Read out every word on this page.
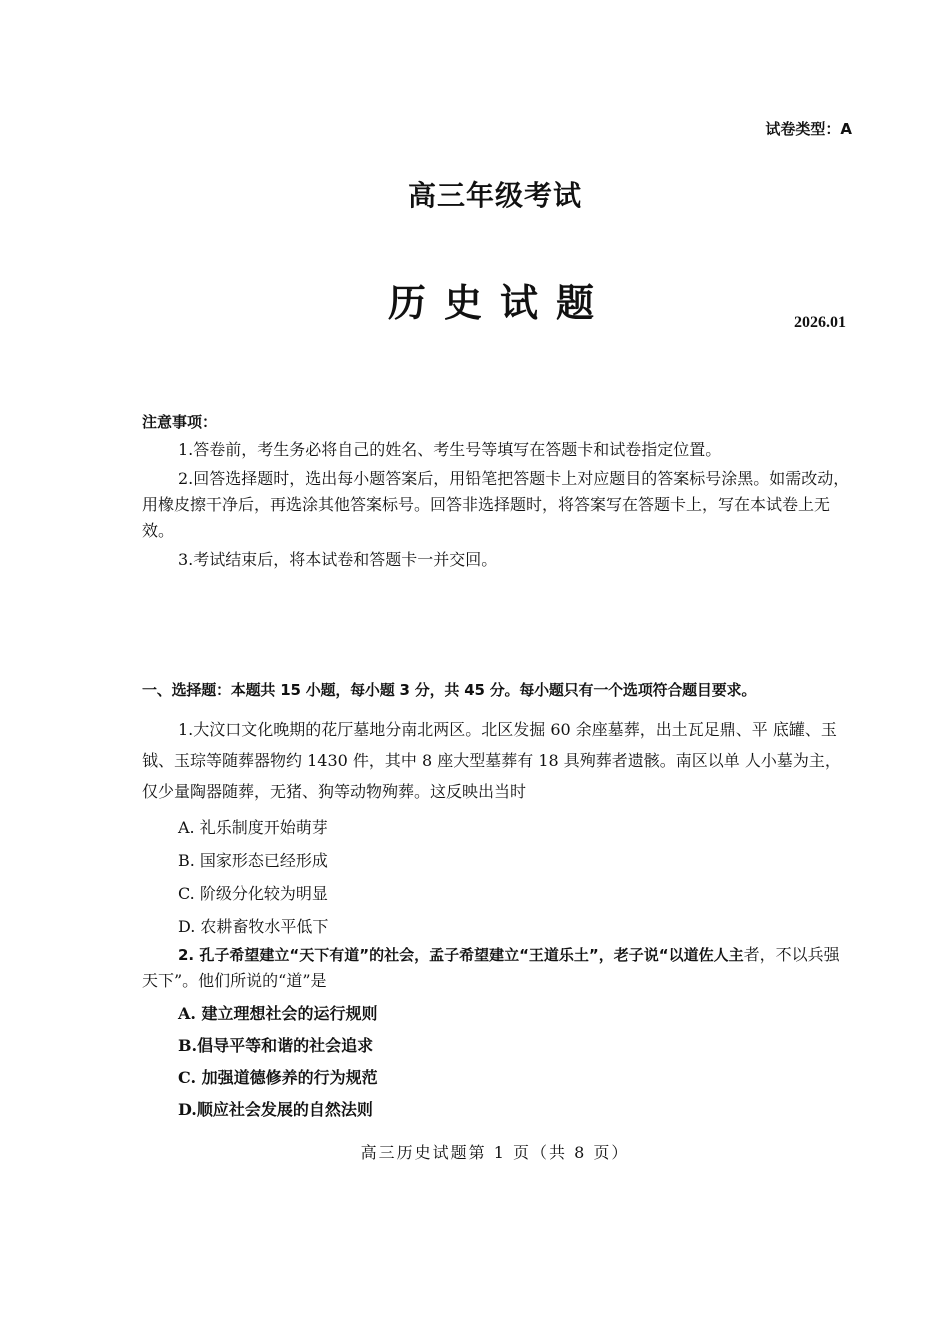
试卷类型：A
高三年级考试
历史试题	2026.01
注意事项：

1.答卷前，考生务必将自己的姓名、考生号等填写在答题卡和试卷指定位置。

2.回答选择题时，选出每小题答案后，用铅笔把答题卡上对应题目的答案标号涂黑。如需改动，用橡皮擦干净后，再选涂其他答案标号。回答非选择题时，将答案写在答题卡上，写在本试卷上无效。

3.考试结束后，将本试卷和答题卡一并交回。

一、选择题：本题共 15 小题，每小题 3 分，共 45 分。每小题只有一个选项符合题目要求。

1.大汶口文化晚期的花厅墓地分南北两区。北区发掘 60 余座墓葬，出土瓦足鼎、平 底罐、玉钺、玉琮等随葬器物约 1430 件，其中 8 座大型墓葬有 18 具殉葬者遗骸。南区以单 人小墓为主，仅少量陶器随葬，无猪、狗等动物殉葬。这反映出当时

A. 礼乐制度开始萌芽

B. 国家形态已经形成

C. 阶级分化较为明显

D. 农耕畜牧水平低下

2. 孔子希望建立“天下有道”的社会，孟子希望建立“王道乐土”，老子说“以道佐人主者，不以兵强天下”。他们所说的“道”是

A. 建立理想社会的运行规则

B.倡导平等和谐的社会追求

C. 加强道德修养的行为规范

D.顺应社会发展的自然法则

高三历史试题第 1 页（共 8 页）
